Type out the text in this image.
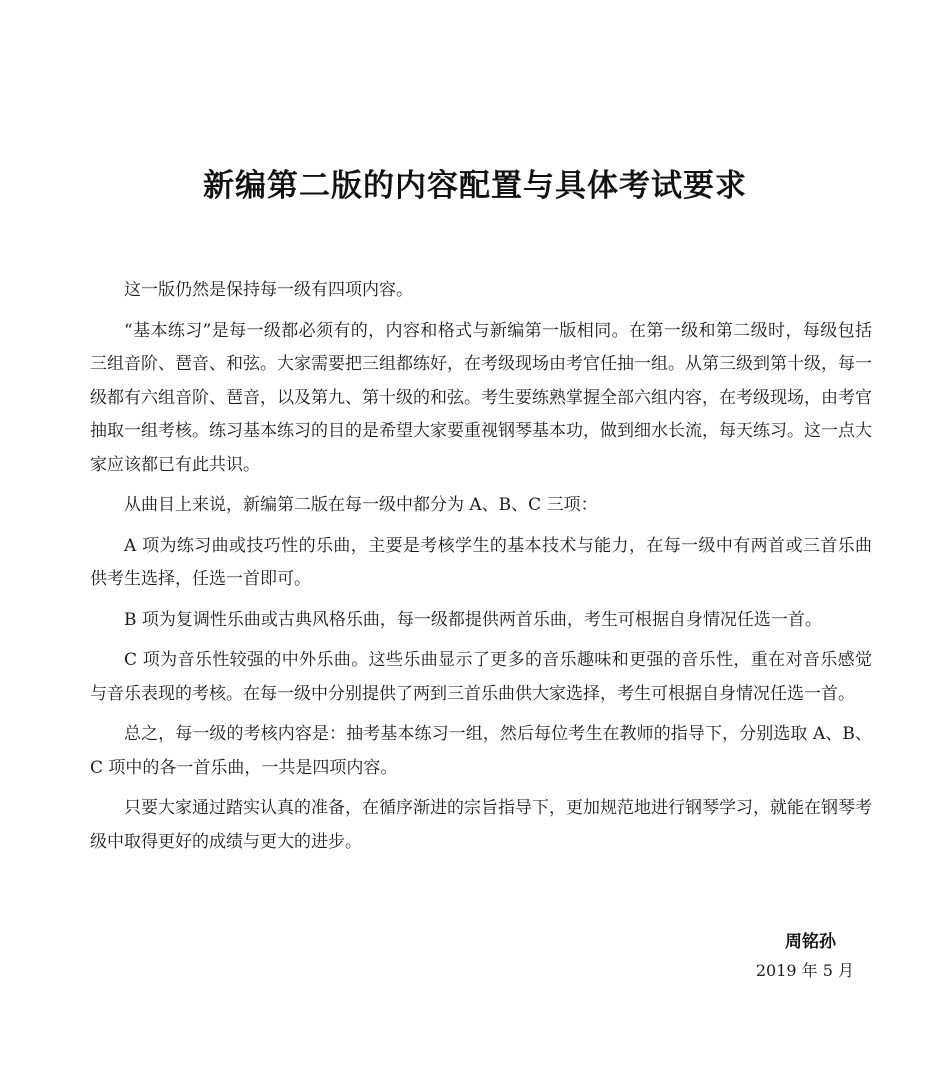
新编第二版的内容配置与具体考试要求

这一版仍然是保持每一级有四项内容。

“基本练习”是每一级都必须有的，内容和格式与新编第一版相同。在第一级和第二级时，每级包括三组音阶、琶音、和弦。大家需要把三组都练好，在考级现场由考官任抽一组。从第三级到第十级，每一级都有六组音阶、琶音，以及第九、第十级的和弦。考生要练熟掌握全部六组内容，在考级现场，由考官抽取一组考核。练习基本练习的目的是希望大家要重视钢琴基本功，做到细水长流，每天练习。这一点大家应该都已有此共识。

从曲目上来说，新编第二版在每一级中都分为 A、B、C 三项：

A 项为练习曲或技巧性的乐曲，主要是考核学生的基本技术与能力，在每一级中有两首或三首乐曲供考生选择，任选一首即可。

B 项为复调性乐曲或古典风格乐曲，每一级都提供两首乐曲，考生可根据自身情况任选一首。

C 项为音乐性较强的中外乐曲。这些乐曲显示了更多的音乐趣味和更强的音乐性，重在对音乐感觉与音乐表现的考核。在每一级中分别提供了两到三首乐曲供大家选择，考生可根据自身情况任选一首。

总之，每一级的考核内容是：抽考基本练习一组，然后每位考生在教师的指导下，分别选取 A、B、C 项中的各一首乐曲，一共是四项内容。

只要大家通过踏实认真的准备，在循序渐进的宗旨指导下，更加规范地进行钢琴学习，就能在钢琴考级中取得更好的成绩与更大的进步。

周铭孙
2019 年 5 月
